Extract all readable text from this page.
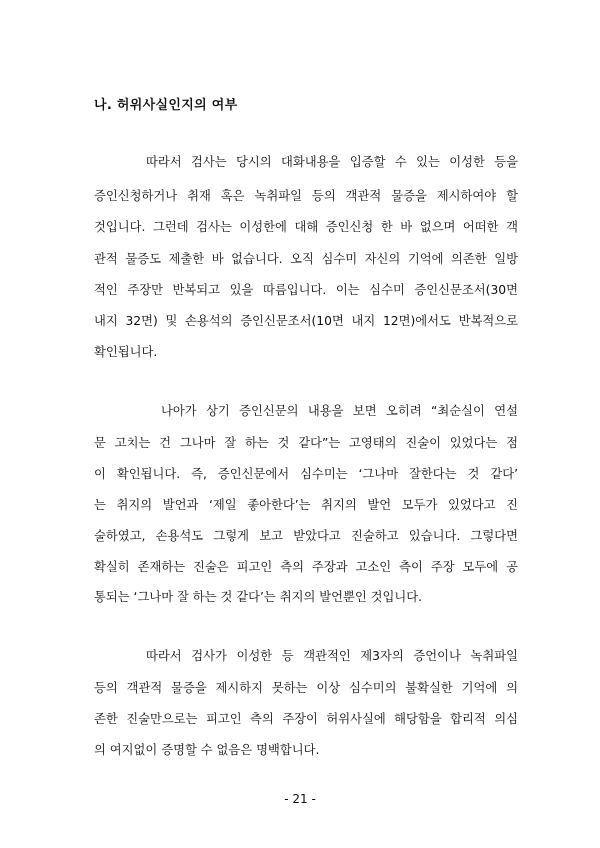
나. 허위사실인지의 여부
따라서 검사는 당시의 대화내용을 입증할 수 있는 이성한 등을
증인신청하거나 취재 혹은 녹취파일 등의 객관적 물증을 제시하여야 할
것입니다. 그런데 검사는 이성한에 대해 증인신청 한 바 없으며 어떠한 객
관적 물증도 제출한 바 없습니다. 오직 심수미 자신의 기억에 의존한 일방
적인 주장만 반복되고 있을 따름입니다. 이는 심수미 증인신문조서(30면
내지 32면) 및 손용석의 증인신문조서(10면 내지 12면)에서도 반복적으로
확인됩니다.
나아가 상기 증인신문의 내용을 보면 오히려 “최순실이 연설
문 고치는 건 그나마 잘 하는 것 같다”는 고영태의 진술이 있었다는 점
이 확인됩니다. 즉, 증인신문에서 심수미는 ‘그나마 잘한다는 것 같다’
는 취지의 발언과 ‘제일 좋아한다’는 취지의 발언 모두가 있었다고 진
술하였고, 손용석도 그렇게 보고 받았다고 진술하고 있습니다. 그렇다면
확실히 존재하는 진술은 피고인 측의 주장과 고소인 측이 주장 모두에 공
통되는 ‘그나마 잘 하는 것 같다’는 취지의 발언뿐인 것입니다.
따라서 검사가 이성한 등 객관적인 제3자의 증언이나 녹취파일
등의 객관적 물증을 제시하지 못하는 이상 심수미의 불확실한 기억에 의
존한 진술만으로는 피고인 측의 주장이 허위사실에 해당함을 합리적 의심
의 여지없이 증명할 수 없음은 명백합니다.
- 21 -
